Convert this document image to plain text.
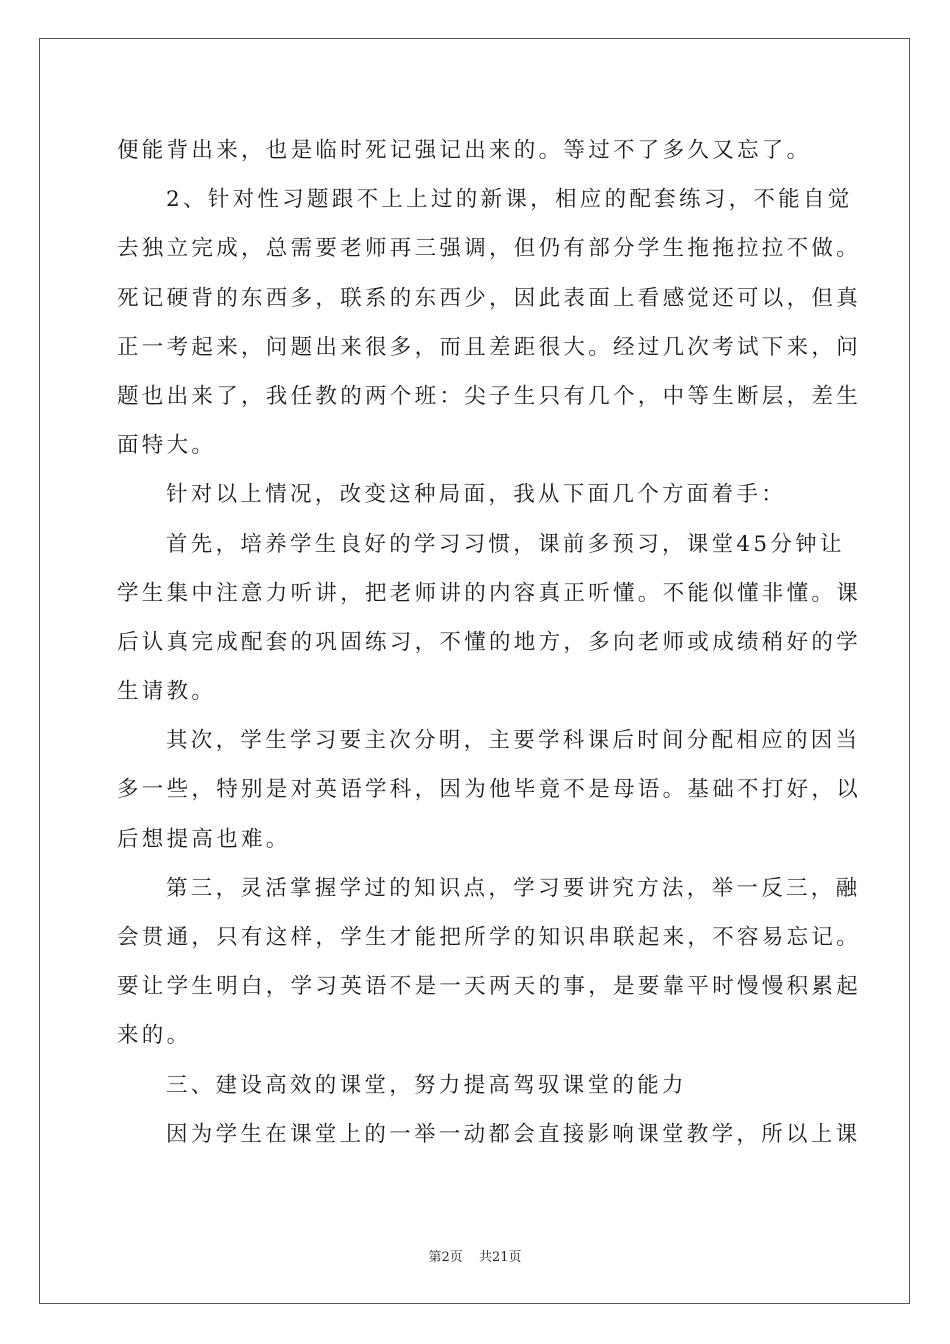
便能背出来，也是临时死记强记出来的。等过不了多久又忘了。
2、针对性习题跟不上上过的新课，相应的配套练习，不能自觉
去独立完成，总需要老师再三强调，但仍有部分学生拖拖拉拉不做。
死记硬背的东西多，联系的东西少，因此表面上看感觉还可以，但真
正一考起来，问题出来很多，而且差距很大。经过几次考试下来，问
题也出来了，我任教的两个班：尖子生只有几个，中等生断层，差生
面特大。
针对以上情况，改变这种局面，我从下面几个方面着手：
首先，培养学生良好的学习习惯，课前多预习，课堂45分钟让
学生集中注意力听讲，把老师讲的内容真正听懂。不能似懂非懂。课
后认真完成配套的巩固练习，不懂的地方，多向老师或成绩稍好的学
生请教。
其次，学生学习要主次分明，主要学科课后时间分配相应的因当
多一些，特别是对英语学科，因为他毕竟不是母语。基础不打好，以
后想提高也难。
第三，灵活掌握学过的知识点，学习要讲究方法，举一反三，融
会贯通，只有这样，学生才能把所学的知识串联起来，不容易忘记。
要让学生明白，学习英语不是一天两天的事，是要靠平时慢慢积累起
来的。
三、建设高效的课堂，努力提高驾驭课堂的能力
因为学生在课堂上的一举一动都会直接影响课堂教学，所以上课
第2页 共21页
